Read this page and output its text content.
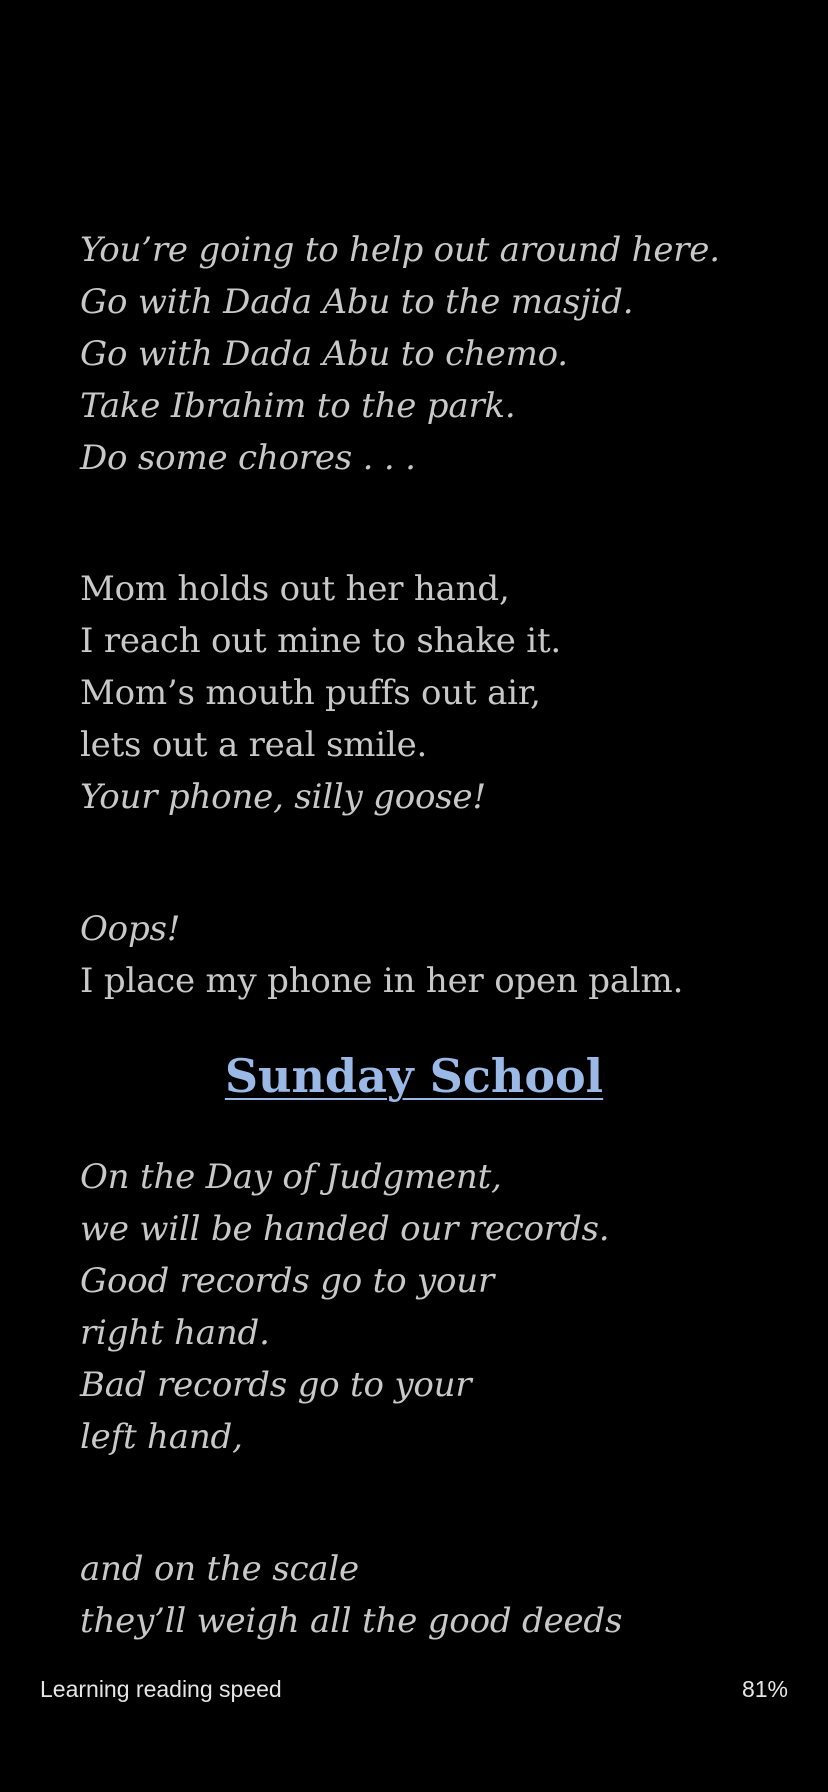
You’re going to help out around here.
Go with Dada Abu to the masjid.
Go with Dada Abu to chemo.
Take Ibrahim to the park.
Do some chores . . .
Mom holds out her hand,
I reach out mine to shake it.
Mom’s mouth puffs out air,
lets out a real smile.
Your phone, silly goose!
Oops!
I place my phone in her open palm.
Sunday School
On the Day of Judgment,
we will be handed our records.
Good records go to your
right hand.
Bad records go to your
left hand,
and on the scale
they’ll weigh all the good deeds
Learning reading speed	81%
